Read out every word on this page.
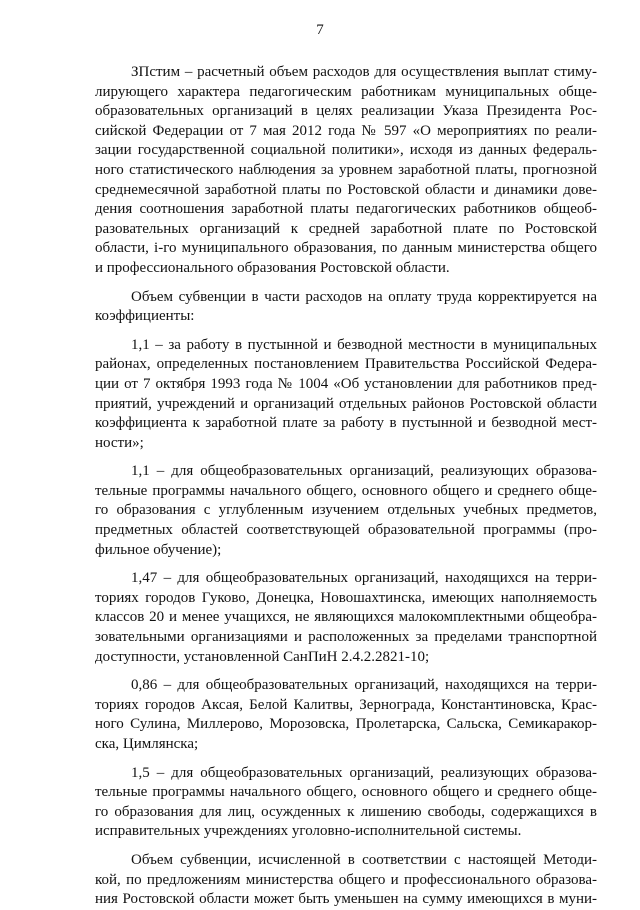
7
ЗПстим – расчетный объем расходов для осуществления выплат стиму-
лирующего характера педагогическим работникам муниципальных обще-
образовательных организаций в целях реализации Указа Президента Рос-
сийской Федерации от 7 мая 2012 года № 597 «О мероприятиях по реали-
зации государственной социальной политики», исходя из данных федераль-
ного статистического наблюдения за уровнем заработной платы, прогнозной
среднемесячной заработной платы по Ростовской области и динамики дове-
дения соотношения заработной платы педагогических работников общеоб-
разовательных организаций к средней заработной плате по Ростовской
области, i-го муниципального образования, по данным министерства общего
и профессионального образования Ростовской области.
Объем субвенции в части расходов на оплату труда корректируется на
коэффициенты:
1,1 – за работу в пустынной и безводной местности в муниципальных
районах, определенных постановлением Правительства Российской Федера-
ции от 7 октября 1993 года № 1004 «Об установлении для работников пред-
приятий, учреждений и организаций отдельных районов Ростовской области
коэффициента к заработной плате за работу в пустынной и безводной мест-
ности»;
1,1 – для общеобразовательных организаций, реализующих образова-
тельные программы начального общего, основного общего и среднего обще-
го образования с углубленным изучением отдельных учебных предметов,
предметных областей соответствующей образовательной программы (про-
фильное обучение);
1,47 – для общеобразовательных организаций, находящихся на терри-
ториях городов Гуково, Донецка, Новошахтинска, имеющих наполняемость
классов 20 и менее учащихся, не являющихся малокомплектными общеобра-
зовательными организациями и расположенных за пределами транспортной
доступности, установленной СанПиН 2.4.2.2821-10;
0,86 – для общеобразовательных организаций, находящихся на терри-
ториях городов Аксая, Белой Калитвы, Зернограда, Константиновска, Крас-
ного Сулина, Миллерово, Морозовска, Пролетарска, Сальска, Семикаракор-
ска, Цимлянска;
1,5 – для общеобразовательных организаций, реализующих образова-
тельные программы начального общего, основного общего и среднего обще-
го образования для лиц, осужденных к лишению свободы, содержащихся в
исправительных учреждениях уголовно-исполнительной системы.
Объем субвенции, исчисленной в соответствии с настоящей Методи-
кой, по предложениям министерства общего и профессионального образова-
ния Ростовской области может быть уменьшен на сумму имеющихся в муни-
